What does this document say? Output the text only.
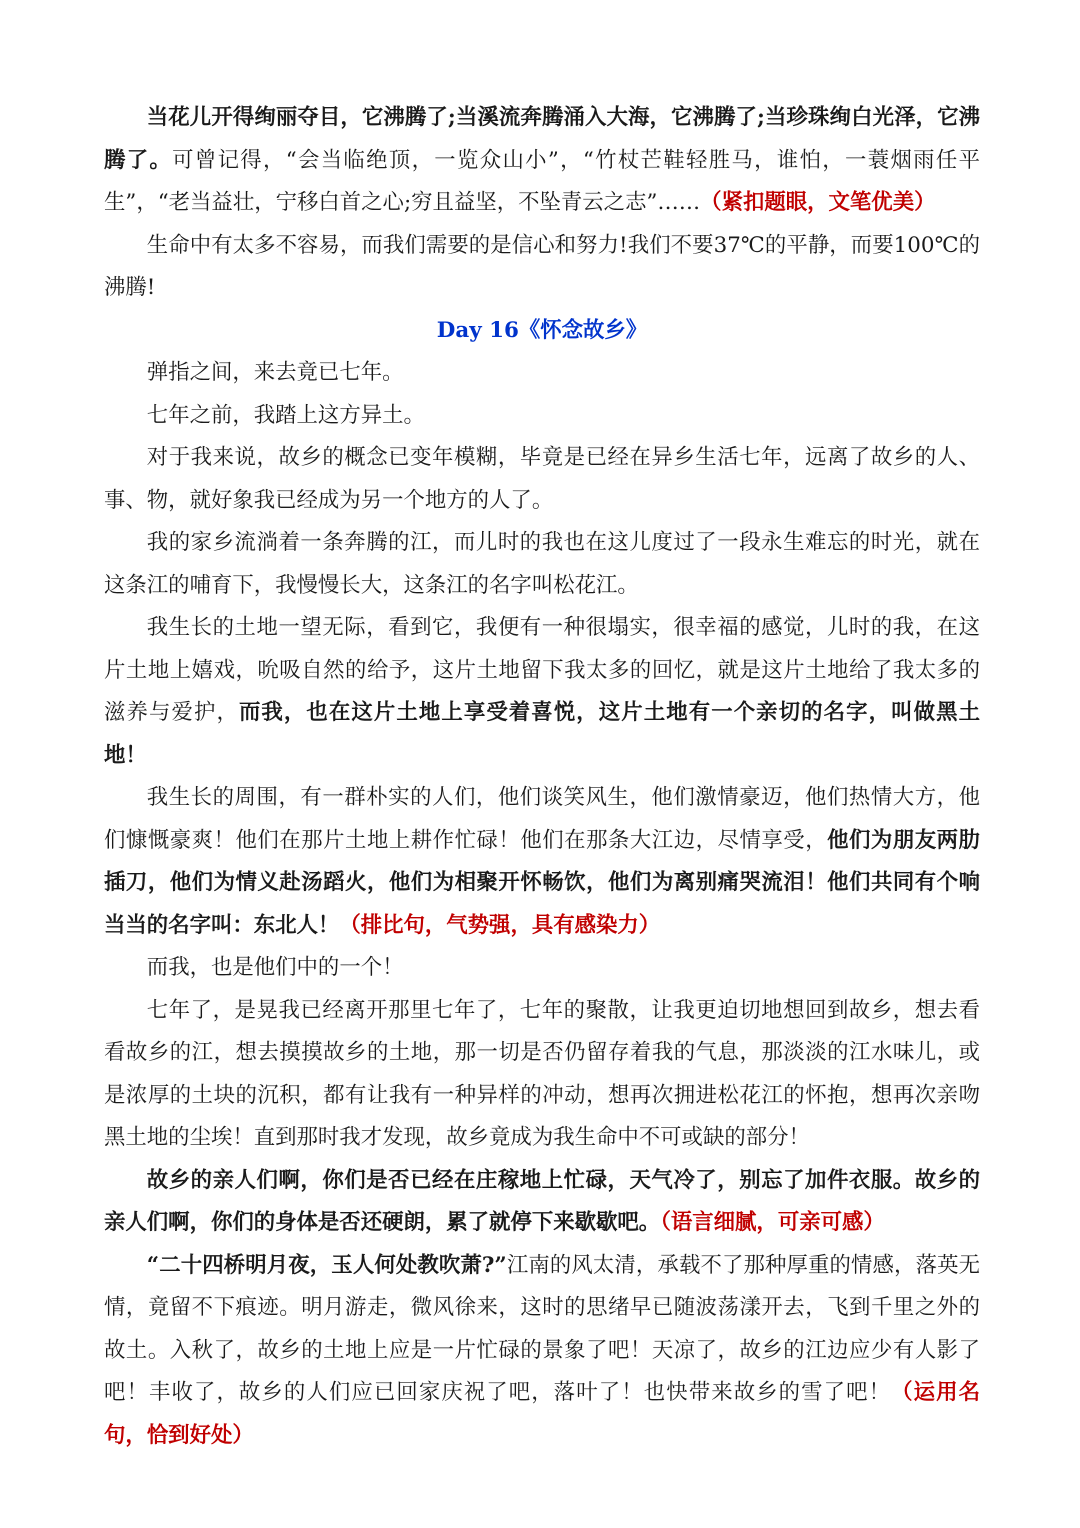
当花儿开得绚丽夺目，它沸腾了;当溪流奔腾涌入大海，它沸腾了;当珍珠绚白光泽，它沸腾了。可曾记得，“会当临绝顶，一览众山小”，“竹杖芒鞋轻胜马，谁怕，一蓑烟雨任平生”，“老当益壮，宁移白首之心;穷且益坚，不坠青云之志”……（紧扣题眼，文笔优美）

生命中有太多不容易，而我们需要的是信心和努力!我们不要37℃的平静，而要100℃的沸腾!

Day 16《怀念故乡》

弹指之间，来去竟已七年。

七年之前，我踏上这方异土。

对于我来说，故乡的概念已变年模糊，毕竟是已经在异乡生活七年，远离了故乡的人、事、物，就好象我已经成为另一个地方的人了。

我的家乡流淌着一条奔腾的江，而儿时的我也在这儿度过了一段永生难忘的时光，就在这条江的哺育下，我慢慢长大，这条江的名字叫松花江。

我生长的土地一望无际，看到它，我便有一种很塌实，很幸福的感觉，儿时的我，在这片土地上嬉戏，吮吸自然的给予，这片土地留下我太多的回忆，就是这片土地给了我太多的滋养与爱护，而我，也在这片土地上享受着喜悦，这片土地有一个亲切的名字，叫做黑土地！

我生长的周围，有一群朴实的人们，他们谈笑风生，他们激情豪迈，他们热情大方，他们慷慨豪爽！他们在那片土地上耕作忙碌！他们在那条大江边，尽情享受，他们为朋友两肋插刀，他们为情义赴汤蹈火，他们为相聚开怀畅饮，他们为离别痛哭流泪！他们共同有个响当当的名字叫：东北人！（排比句，气势强，具有感染力）

而我，也是他们中的一个！

七年了，是晃我已经离开那里七年了，七年的聚散，让我更迫切地想回到故乡，想去看看故乡的江，想去摸摸故乡的土地，那一切是否仍留存着我的气息，那淡淡的江水味儿，或是浓厚的土块的沉积，都有让我有一种异样的冲动，想再次拥进松花江的怀抱，想再次亲吻黑土地的尘埃！直到那时我才发现，故乡竟成为我生命中不可或缺的部分！

故乡的亲人们啊，你们是否已经在庄稼地上忙碌，天气冷了，别忘了加件衣服。故乡的亲人们啊，你们的身体是否还硬朗，累了就停下来歇歇吧。（语言细腻，可亲可感）

“二十四桥明月夜，玉人何处教吹萧?”江南的风太清，承载不了那种厚重的情感，落英无情，竟留不下痕迹。明月游走，微风徐来，这时的思绪早已随波荡漾开去，飞到千里之外的故土。入秋了，故乡的土地上应是一片忙碌的景象了吧！天凉了，故乡的江边应少有人影了吧！丰收了，故乡的人们应已回家庆祝了吧，落叶了！也快带来故乡的雪了吧！（运用名句，恰到好处）
